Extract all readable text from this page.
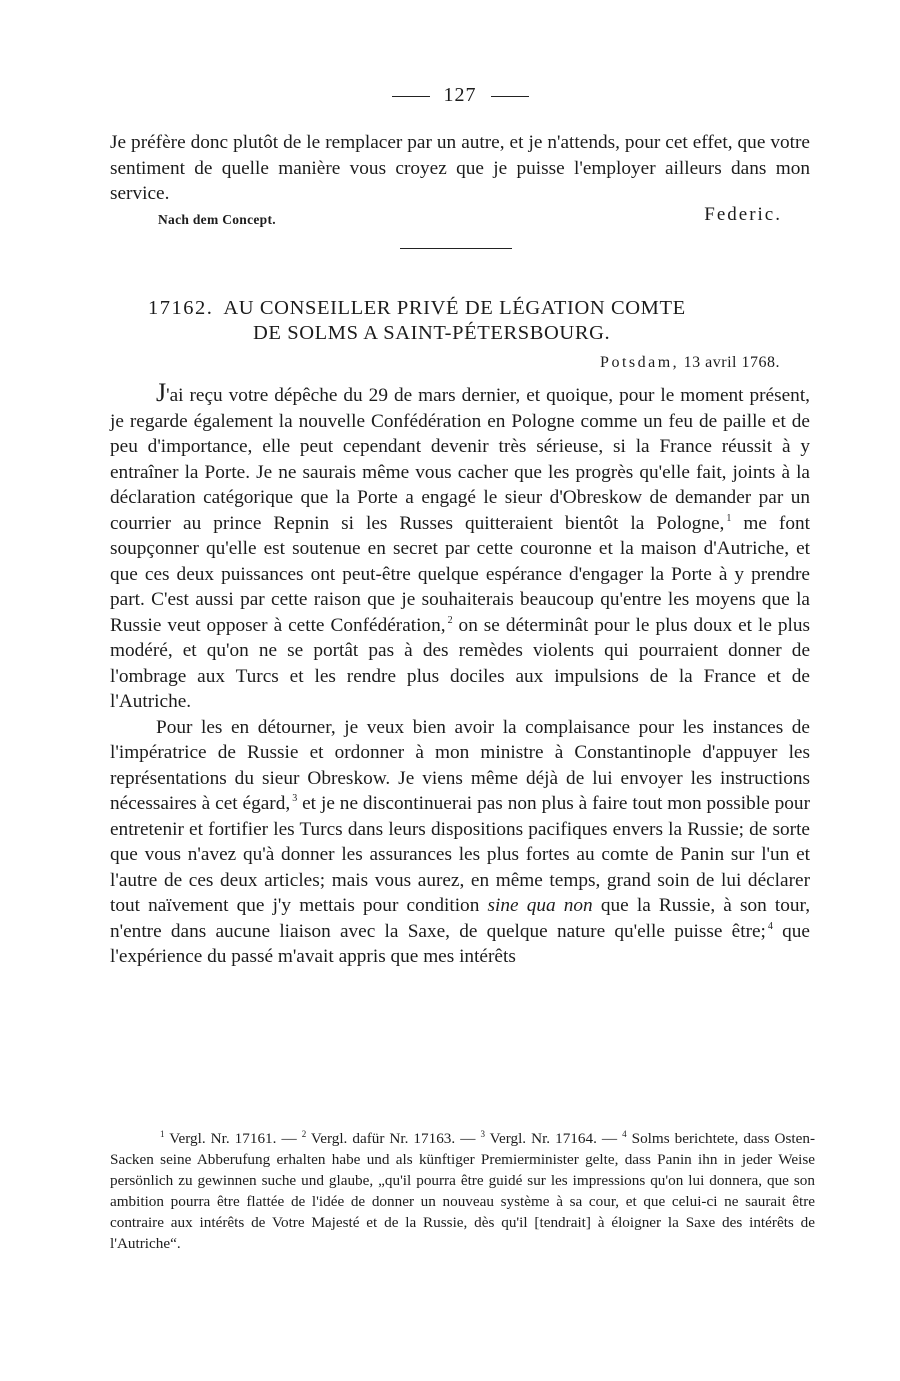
127

Je préfère donc plutôt de le remplacer par un autre, et je n'attends, pour cet effet, que votre sentiment de quelle manière vous croyez que je puisse l'employer ailleurs dans mon service.

Nach dem Concept.	Federic.
17162. AU CONSEILLER PRIVÉ DE LÉGATION COMTE
DE SOLMS A SAINT-PÉTERSBOURG.
Potsdam, 13 avril 1768.

J'ai reçu votre dépêche du 29 de mars dernier, et quoique, pour le moment présent, je regarde également la nouvelle Confédération en Pologne comme un feu de paille et de peu d'importance, elle peut cependant devenir très sérieuse, si la France réussit à y entraîner la Porte. Je ne saurais même vous cacher que les progrès qu'elle fait, joints à la déclaration catégorique que la Porte a engagé le sieur d'Obreskow de demander par un courrier au prince Repnin si les Russes quitteraient bientôt la Pologne, $^1$ me font soupçonner qu'elle est soutenue en secret par cette couronne et la maison d'Autriche, et que ces deux puissances ont peut-être quelque espérance d'engager la Porte à y prendre part. C'est aussi par cette raison que je souhaiterais beaucoup qu'entre les moyens que la Russie veut opposer à cette Confédération, $^2$ on se déterminât pour le plus doux et le plus modéré, et qu'on ne se portât pas à des remèdes violents qui pourraient donner de l'ombrage aux Turcs et les rendre plus dociles aux impulsions de la France et de l'Autriche.

Pour les en détourner, je veux bien avoir la complaisance pour les instances de l'impératrice de Russie et ordonner à mon ministre à Constantinople d'appuyer les représentations du sieur Obreskow. Je viens même déjà de lui envoyer les instructions nécessaires à cet égard, $^3$ et je ne discontinuerai pas non plus à faire tout mon possible pour entretenir et fortifier les Turcs dans leurs dispositions pacifiques envers la Russie; de sorte que vous n'avez qu'à donner les assurances les plus fortes au comte de Panin sur l'un et l'autre de ces deux articles; mais vous aurez, en même temps, grand soin de lui déclarer tout naïvement que j'y mettais pour condition sine qua non que la Russie, à son tour, n'entre dans aucune liaison avec la Saxe, de quelque nature qu'elle puisse être; $^4$ que l'expérience du passé m'avait appris que mes intérêts

$^1$ Vergl. Nr. 17161. — $^2$ Vergl. dafür Nr. 17163. — $^3$ Vergl. Nr. 17164. — $^4$ Solms berichtete, dass Osten-Sacken seine Abberufung erhalten habe und als künftiger Premierminister gelte, dass Panin ihn in jeder Weise persönlich zu gewinnen suche und glaube, „qu'il pourra être guidé sur les impressions qu'on lui donnera, que son ambition pourra être flattée de l'idée de donner un nouveau système à sa cour, et que celui-ci ne saurait être contraire aux intérêts de Votre Majesté et de la Russie, dès qu'il [tendrait] à éloigner la Saxe des intérêts de l'Autriche“.
